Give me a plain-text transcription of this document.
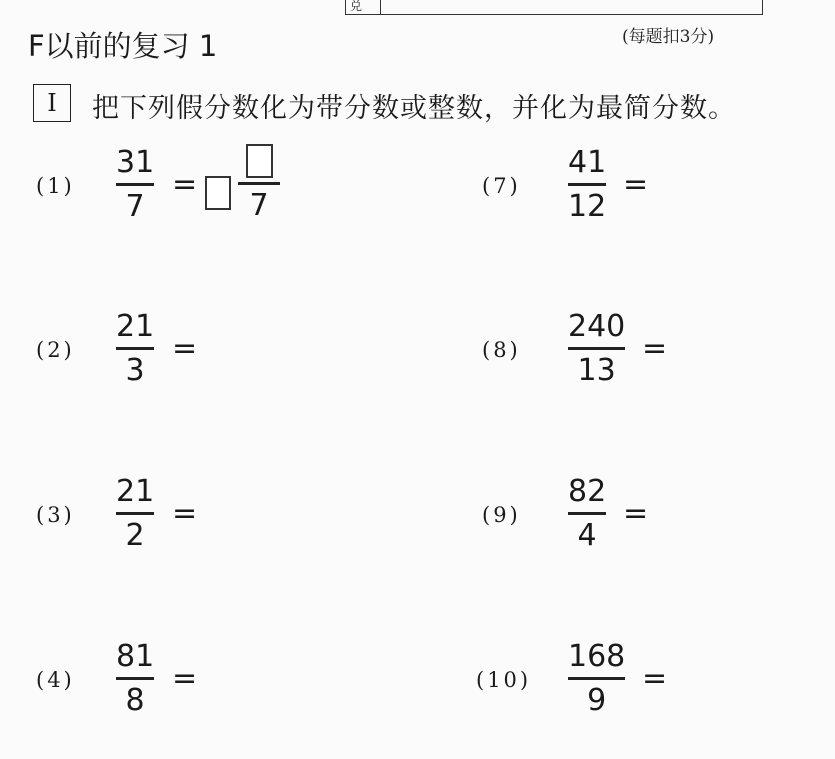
兑
F以前的复习 1	(每题扣3分)
I	把下列假分数化为带分数或整数，并化为最简分数。
(1)
31
7
=
7
(2)
21
3
=
(3)
21
2
=
(4)
81
8
=
(7)
41
12
=
(8)
240
13
=
(9)
82
4
=
(10)
168
9
=
